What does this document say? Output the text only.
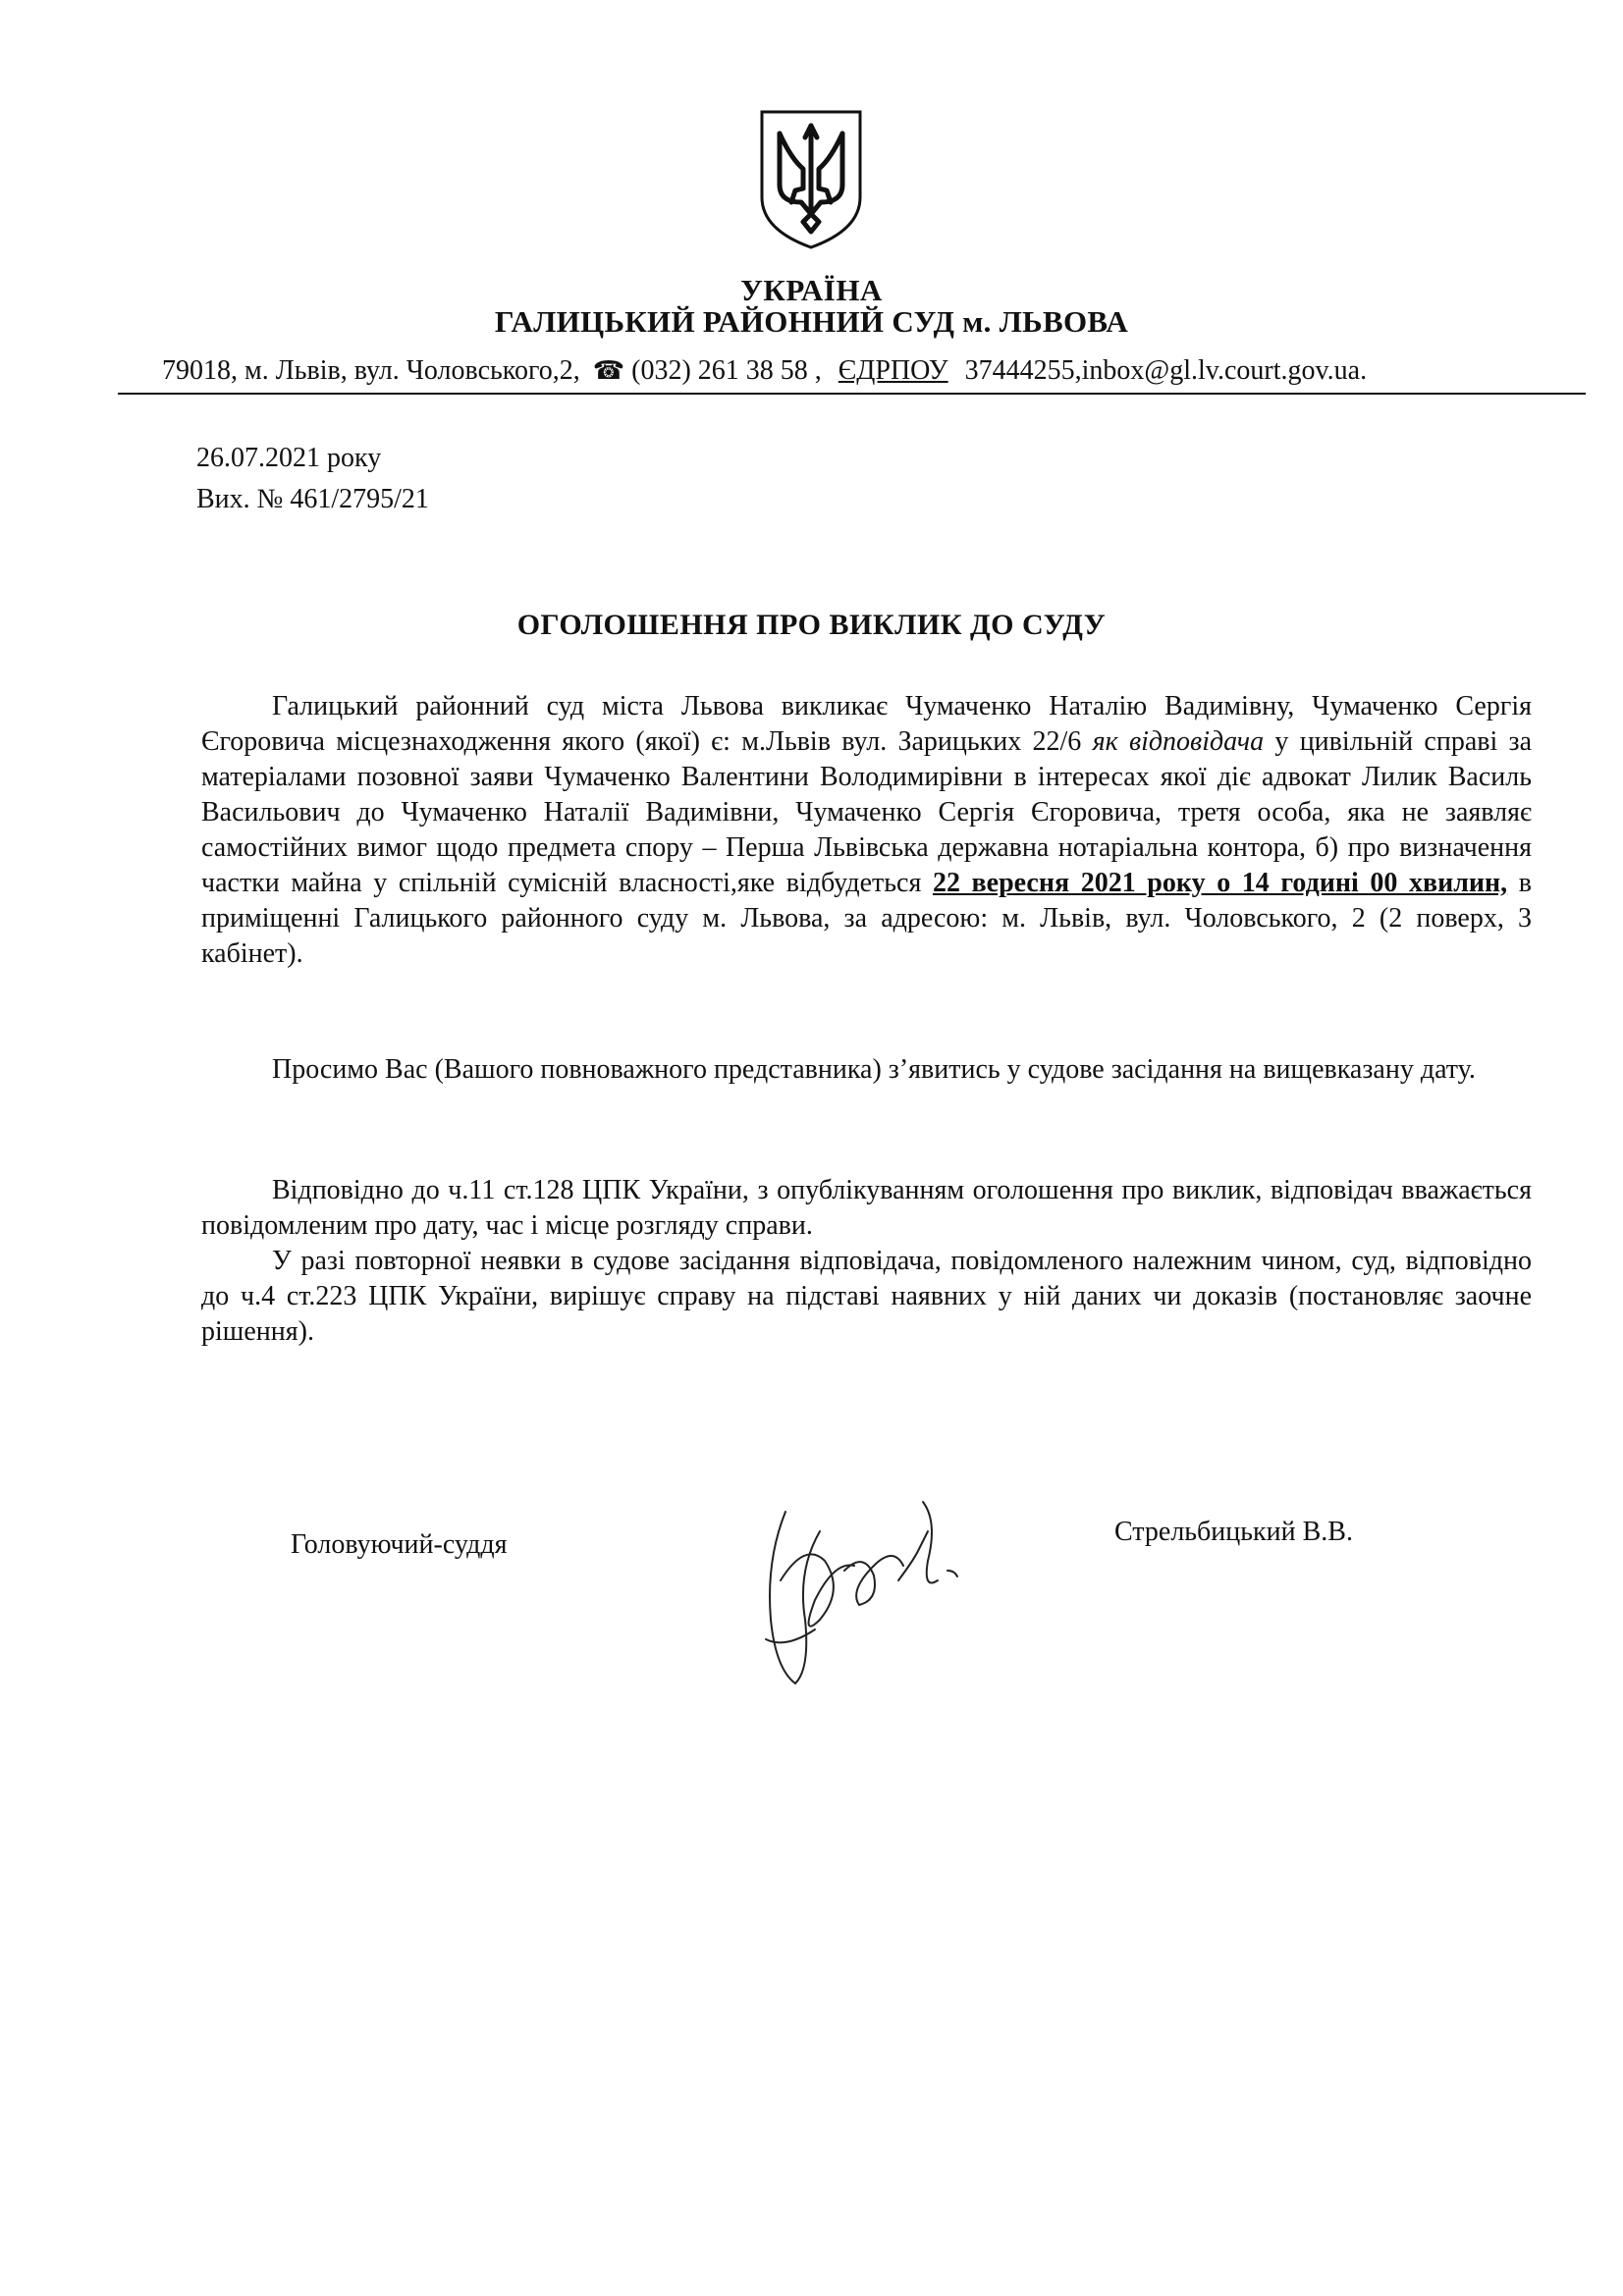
УКРАЇНА
ГАЛИЦЬКИЙ РАЙОННИЙ СУД м. ЛЬВОВА
79018, м. Львів, вул. Чоловського,2, ☎ (032) 261 38 58 , ЄДРПОУ 37444255,inbox@gl.lv.court.gov.ua.
26.07.2021 року
Вих. № 461/2795/21
ОГОЛОШЕННЯ ПРО ВИКЛИК ДО СУДУ
Галицький районний суд міста Львова викликає Чумаченко Наталію Вадимівну, Чумаченко Сергія Єгоровича місцезнаходження якого (якої) є: м.Львів вул. Зарицьких 22/6 як відповідача у цивільній справі за матеріалами позовної заяви Чумаченко Валентини Володимирівни в інтересах якої діє адвокат Лилик Василь Васильович до Чумаченко Наталії Вадимівни, Чумаченко Сергія Єгоровича, третя особа, яка не заявляє самостійних вимог щодо предмета спору – Перша Львівська державна нотаріальна контора, б) про визначення частки майна у спільній сумісній власності,яке відбудеться 22 вересня 2021 року о 14 годині 00 хвилин, в приміщенні Галицького районного суду м. Львова, за адресою: м. Львів, вул. Чоловського, 2 (2 поверх, 3 кабінет).
Просимо Вас (Вашого повноважного представника) з’явитись у судове засідання на вищевказану дату.
Відповідно до ч.11 ст.128 ЦПК України, з опублікуванням оголошення про виклик, відповідач вважається повідомленим про дату, час і місце розгляду справи.
У разі повторної неявки в судове засідання відповідача, повідомленого належним чином, суд, відповідно до ч.4 ст.223 ЦПК України, вирішує справу на підставі наявних у ній даних чи доказів (постановляє заочне рішення).
Головуючий-суддя	Стрельбицький В.В.
